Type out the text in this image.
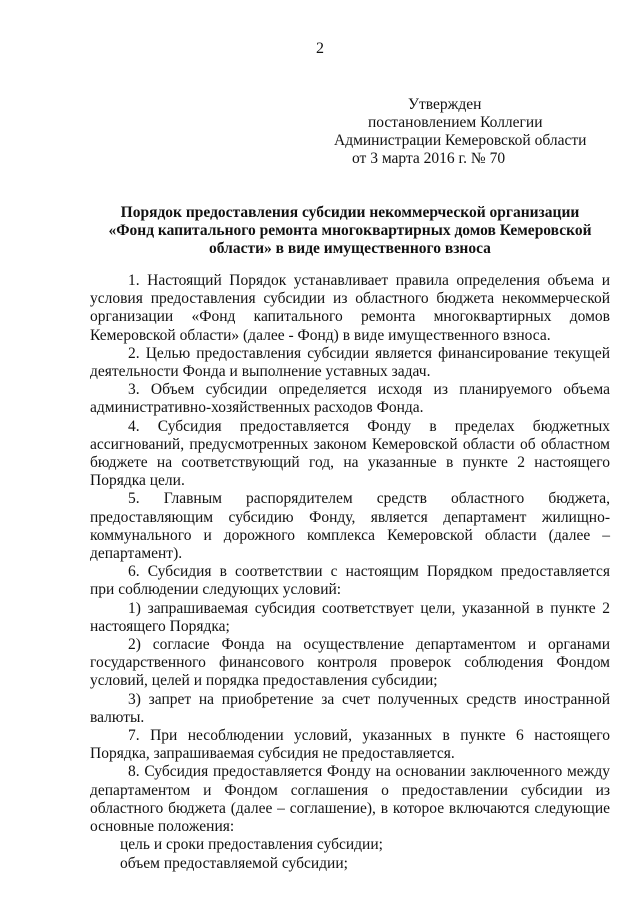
2
Утвержден
постановлением Коллегии
Администрации Кемеровской области
от 3 марта 2016 г. № 70
Порядок предоставления субсидии некоммерческой организации
«Фонд капитального ремонта многоквартирных домов Кемеровской
области» в виде имущественного взноса
1. Настоящий Порядок устанавливает правила определения объема и
условия предоставления субсидии из областного бюджета некоммерческой
организации «Фонд капитального ремонта многоквартирных домов
Кемеровской области» (далее - Фонд) в виде имущественного взноса.
2. Целью предоставления субсидии является финансирование текущей
деятельности Фонда и выполнение уставных задач.
3. Объем субсидии определяется исходя из планируемого объема
административно-хозяйственных расходов Фонда.
4. Субсидия предоставляется Фонду в пределах бюджетных
ассигнований, предусмотренных законом Кемеровской области об областном
бюджете на соответствующий год, на указанные в пункте 2 настоящего
Порядка цели.
5. Главным распорядителем средств областного бюджета,
предоставляющим субсидию Фонду, является департамент жилищно-
коммунального и дорожного комплекса Кемеровской области (далее –
департамент).
6. Субсидия в соответствии с настоящим Порядком предоставляется
при соблюдении следующих условий:
1) запрашиваемая субсидия соответствует цели, указанной в пункте 2
настоящего Порядка;
2) согласие Фонда на осуществление департаментом и органами
государственного финансового контроля проверок соблюдения Фондом
условий, целей и порядка предоставления субсидии;
3) запрет на приобретение за счет полученных средств иностранной
валюты.
7. При несоблюдении условий, указанных в пункте 6 настоящего
Порядка, запрашиваемая субсидия не предоставляется.
8. Субсидия предоставляется Фонду на основании заключенного между
департаментом и Фондом соглашения о предоставлении субсидии из
областного бюджета (далее – соглашение), в которое включаются следующие
основные положения:
цель и сроки предоставления субсидии;
объем предоставляемой субсидии;
